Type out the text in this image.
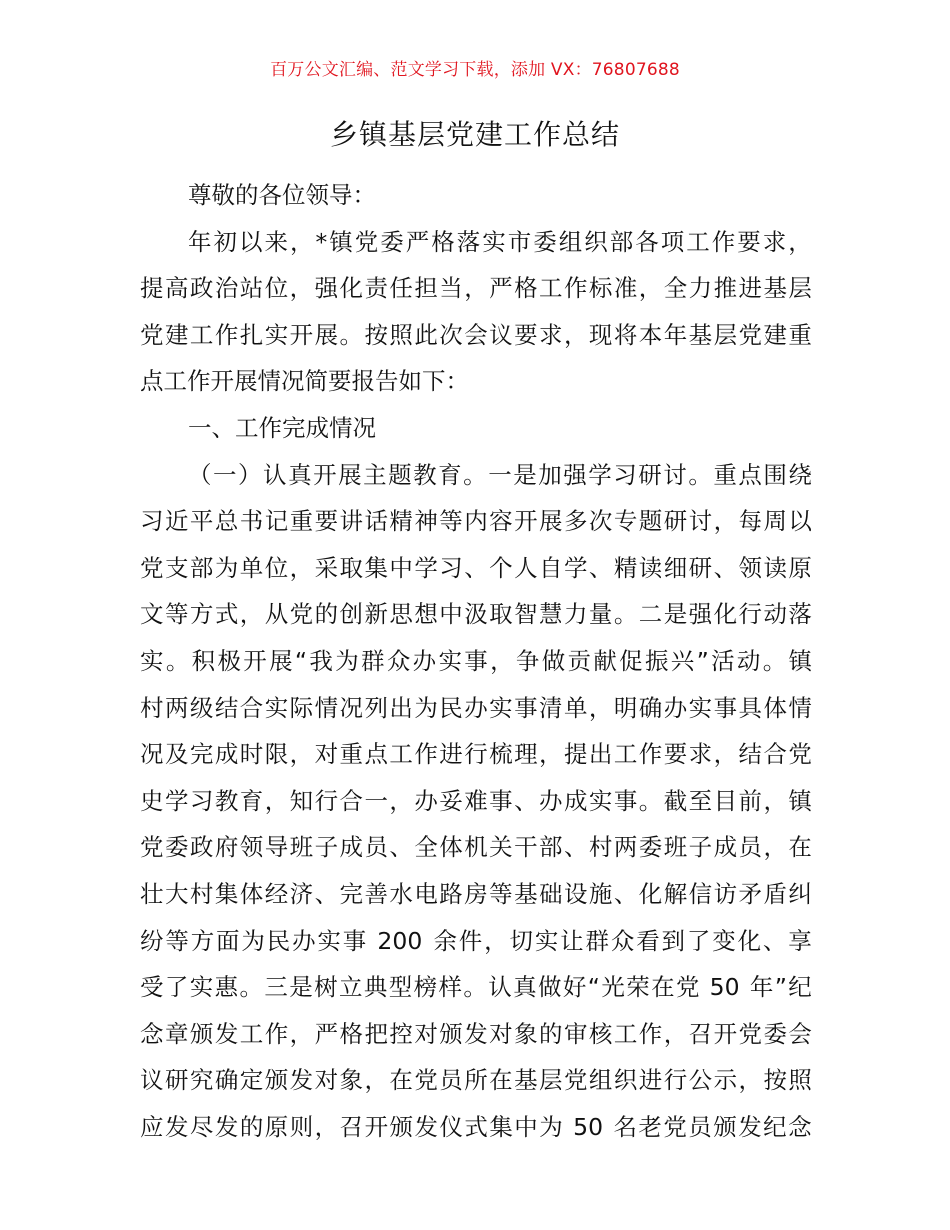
百万公文汇编、范文学习下载，添加 VX：76807688
乡镇基层党建工作总结
尊敬的各位领导：
年 初 以 来 ， * 镇 党 委 严 格 落 实 市 委 组 织 部 各 项 工 作 要 求 ，
提 高 政 治 站 位 ， 强 化 责 任 担 当 ， 严 格 工 作 标 准 ， 全 力 推 进 基 层
党 建 工 作 扎 实 开 展 。 按 照 此 次 会 议 要 求 ， 现 将 本 年 基 层 党 建 重
点工作开展情况简要报告如下：
一、工作完成情况
（ 一 ） 认 真 开 展 主 题 教 育 。 一 是 加 强 学 习 研 讨 。 重 点 围 绕
习 近 平 总 书 记 重 要 讲 话 精 神 等 内 容 开 展 多 次 专 题 研 讨 ， 每 周 以
党 支 部 为 单 位 ， 采 取 集 中 学 习 、 个 人 自 学 、 精 读 细 研 、 领 读 原
文 等 方 式 ， 从 党 的 创 新 思 想 中 汲 取 智 慧 力 量 。 二 是 强 化 行 动 落
实 。 积 极 开 展 “ 我 为 群 众 办 实 事 ， 争 做 贡 献 促 振 兴 ” 活 动 。 镇
村 两 级 结 合 实 际 情 况 列 出 为 民 办 实 事 清 单 ， 明 确 办 实 事 具 体 情
况 及 完 成 时 限 ， 对 重 点 工 作 进 行 梳 理 ， 提 出 工 作 要 求 ， 结 合 党
史 学 习 教 育 ， 知 行 合 一 ， 办 妥 难 事 、 办 成 实 事 。 截 至 目 前 ， 镇
党 委 政 府 领 导 班 子 成 员 、 全 体 机 关 干 部 、 村 两 委 班 子 成 员 ， 在
壮 大 村 集 体 经 济 、 完 善 水 电 路 房 等 基 础 设 施 、 化 解 信 访 矛 盾 纠
纷 等 方 面 为 民 办 实 事
200
余 件 ， 切 实 让 群 众 看 到 了 变 化 、 享
受 了 实 惠 。 三 是 树 立 典 型 榜 样 。 认 真 做 好 “ 光 荣 在 党
50
年 ” 纪
念 章 颁 发 工 作 ， 严 格 把 控 对 颁 发 对 象 的 审 核 工 作 ， 召 开 党 委 会
议 研 究 确 定 颁 发 对 象 ， 在 党 员 所 在 基 层 党 组 织 进 行 公 示 ， 按 照
应 发 尽 发 的 原 则 ， 召 开 颁 发 仪 式 集 中 为
50
名 老 党 员 颁 发 纪 念
